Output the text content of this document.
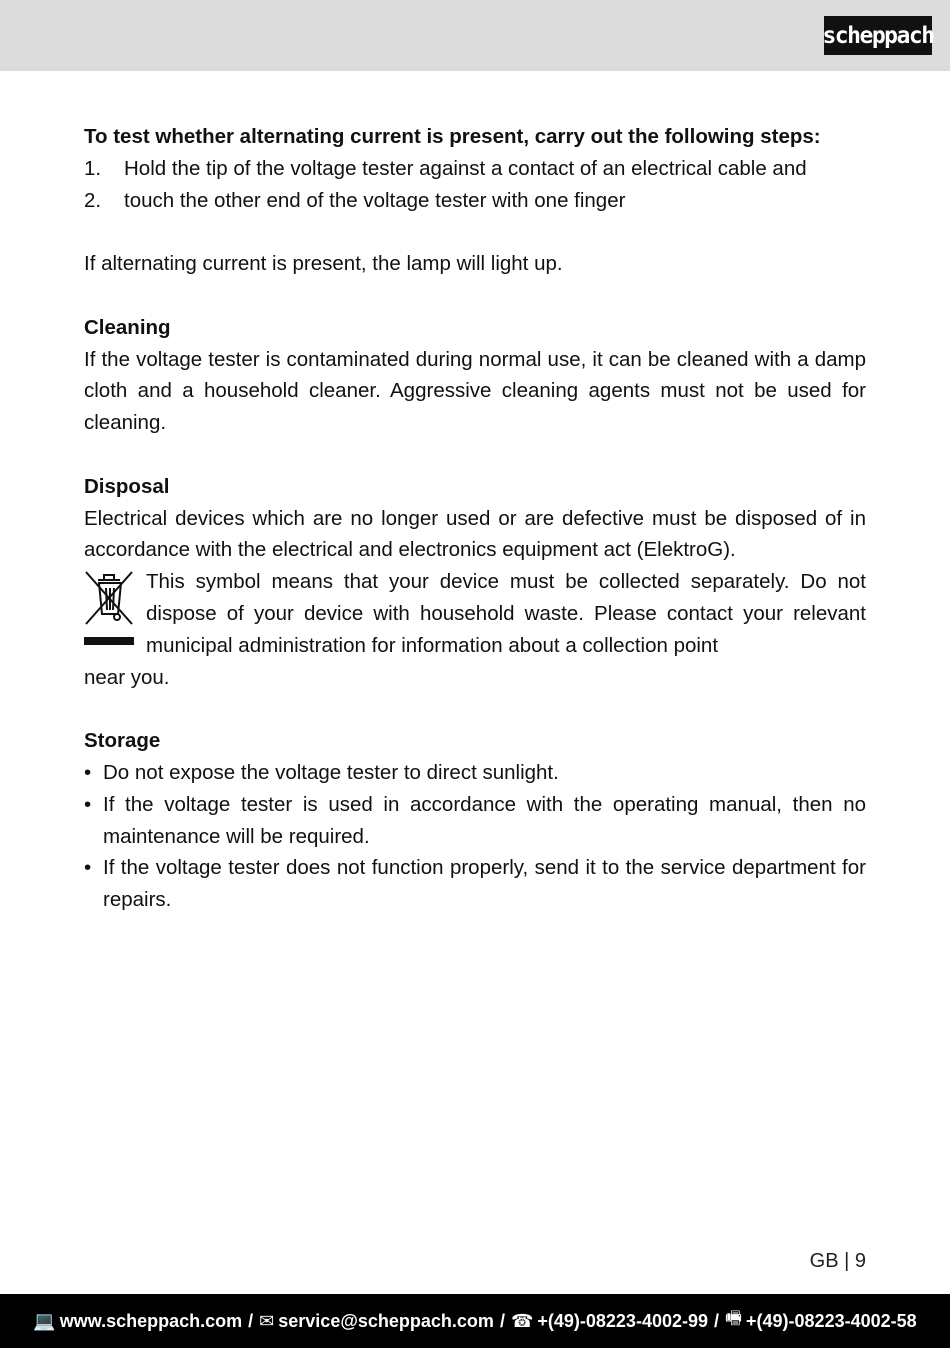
scheppach

To test whether alternating current is present, carry out the following steps:

1.	Hold the tip of the voltage tester against a contact of an electrical cable and
2.	touch the other end of the voltage tester with one finger

If alternating current is present, the lamp will light up.

Cleaning

If the voltage tester is contaminated during normal use, it can be cleaned with a damp cloth and a household cleaner. Aggressive cleaning agents must not be used for cleaning.

Disposal

Electrical devices which are no longer used or are defective must be disposed of in accordance with the electrical and electronics equipment act (ElektroG).

This symbol means that your device must be collected separately. Do not dispose of your device with household waste. Please contact your relevant municipal administration for information about a collection point

near you.

Storage

• Do not expose the voltage tester to direct sunlight.
• If the voltage tester is used in accordance with the operating manual, then no maintenance will be required.
• If the voltage tester does not function properly, send it to the service department for repairs.
GB | 9
💻 www.scheppach.com / ✉ service@scheppach.com / ☎ +(49)-08223-4002-99 / 🖷 +(49)-08223-4002-58
